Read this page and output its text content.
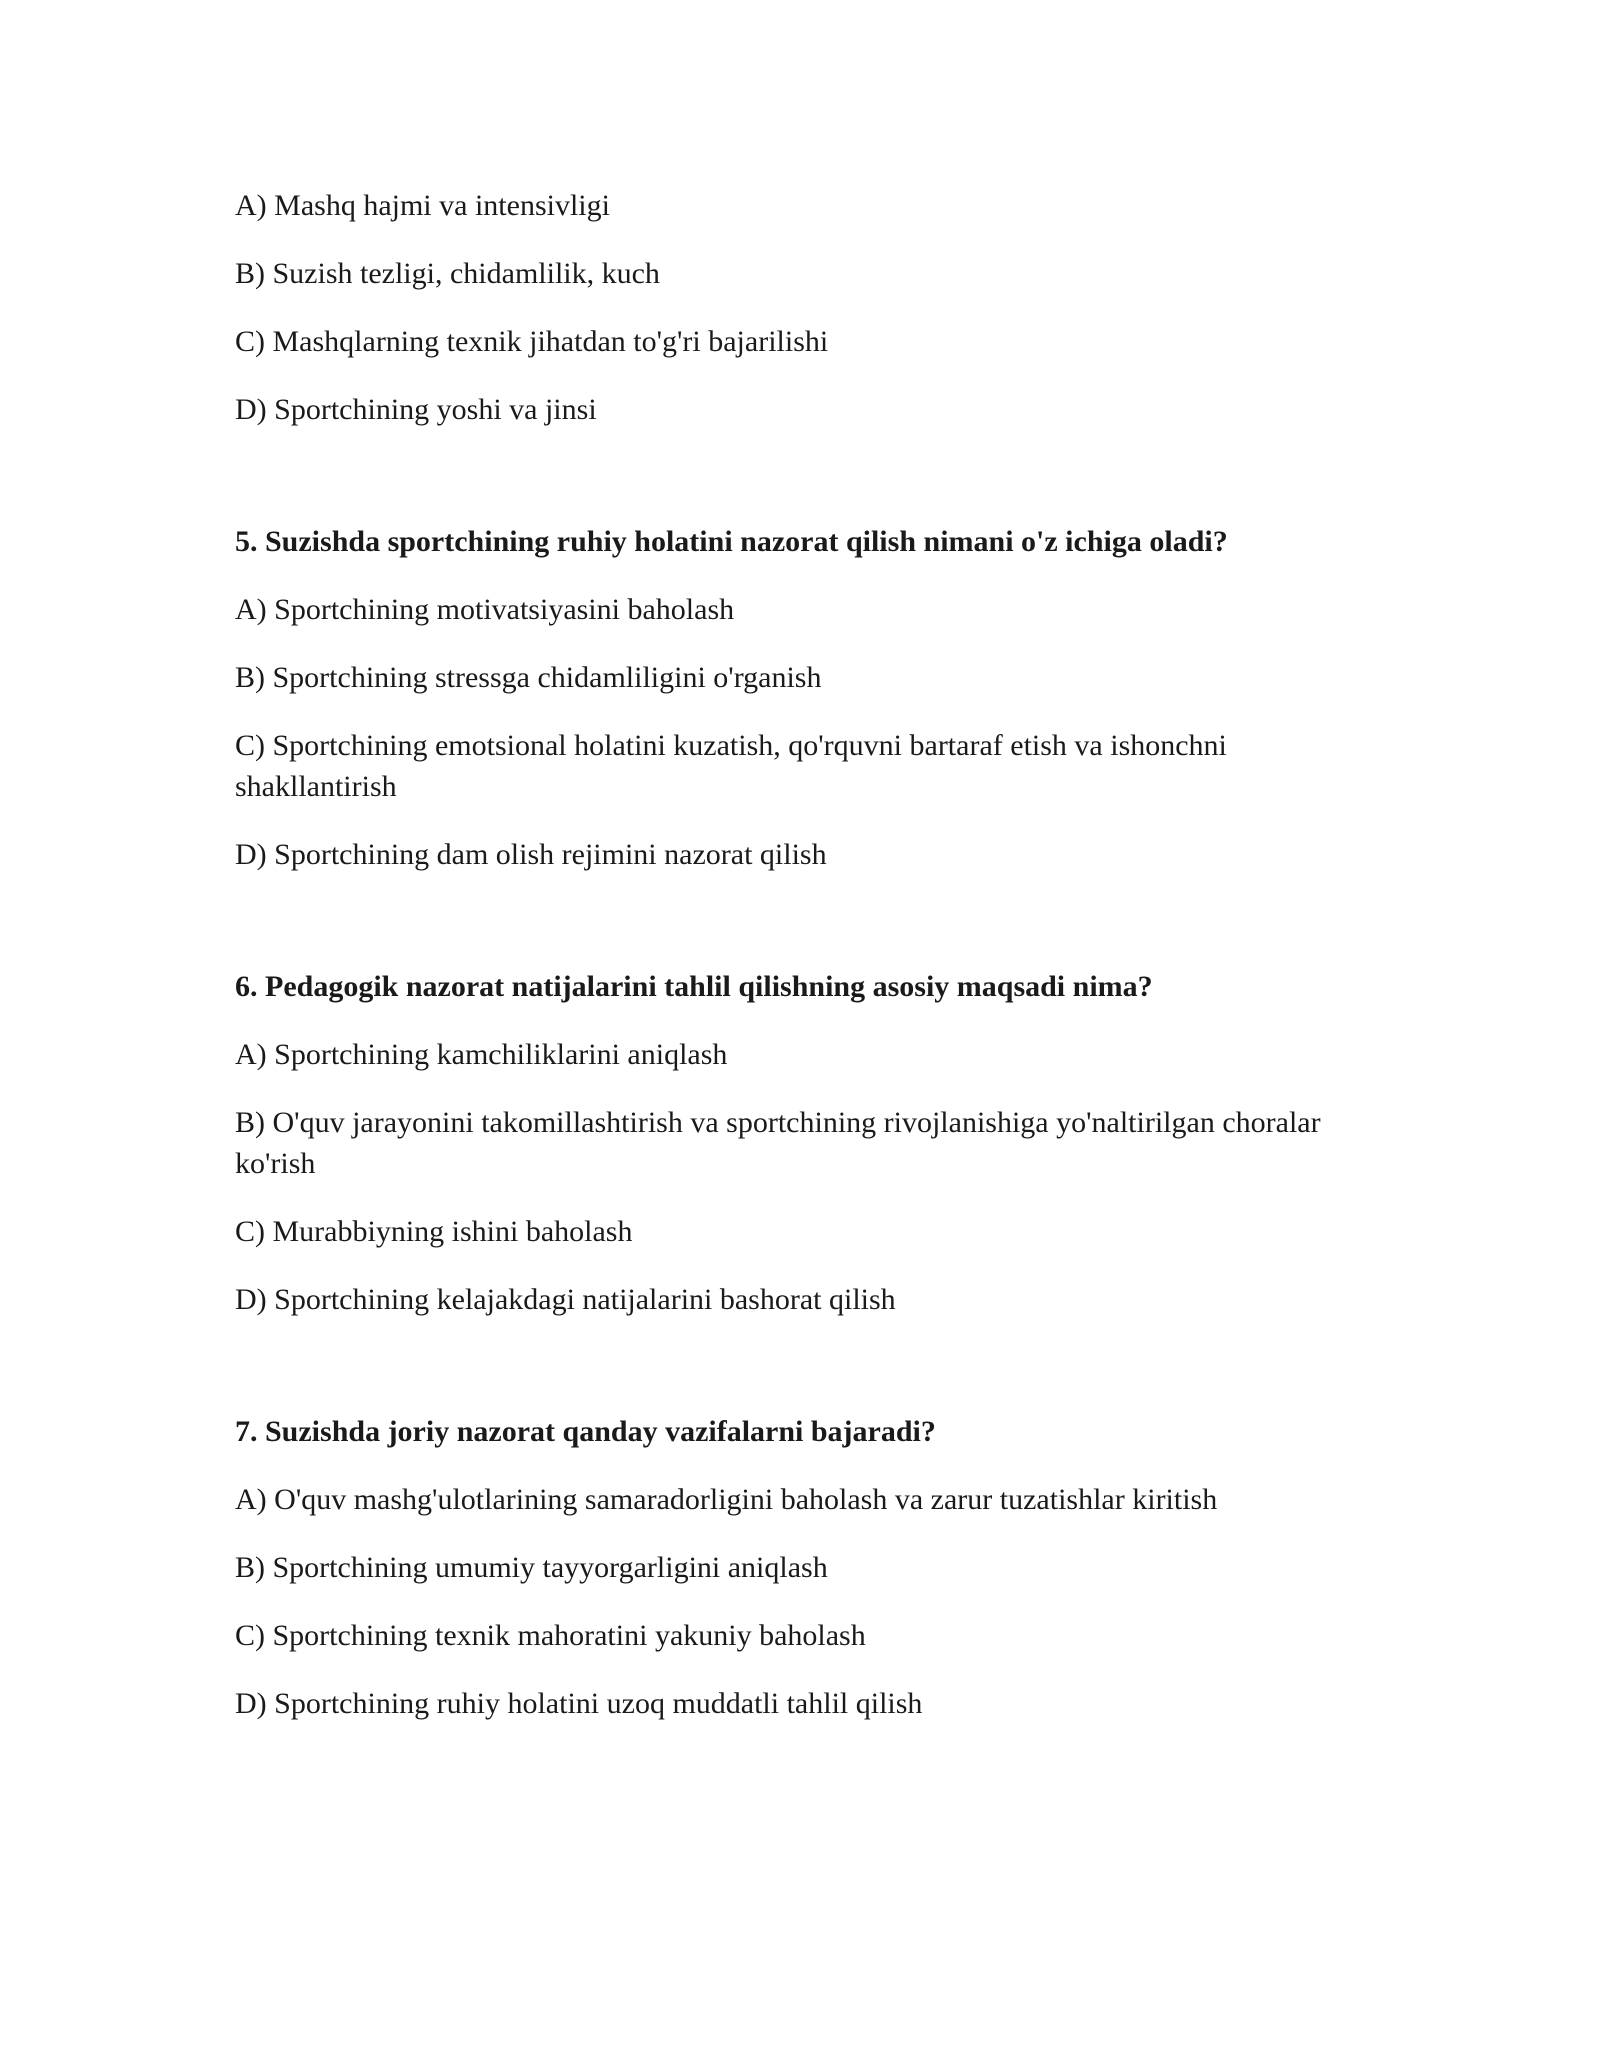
A) Mashq hajmi va intensivligi

B) Suzish tezligi, chidamlilik, kuch

C) Mashqlarning texnik jihatdan to'g'ri bajarilishi

D) Sportchining yoshi va jinsi

5. Suzishda sportchining ruhiy holatini nazorat qilish nimani o'z ichiga oladi?

A) Sportchining motivatsiyasini baholash

B) Sportchining stressga chidamliligini o'rganish

C) Sportchining emotsional holatini kuzatish, qo'rquvni bartaraf etish va ishonchni shakllantirish

D) Sportchining dam olish rejimini nazorat qilish

6. Pedagogik nazorat natijalarini tahlil qilishning asosiy maqsadi nima?

A) Sportchining kamchiliklarini aniqlash

B) O'quv jarayonini takomillashtirish va sportchining rivojlanishiga yo'naltirilgan choralar ko'rish

C) Murabbiyning ishini baholash

D) Sportchining kelajakdagi natijalarini bashorat qilish

7. Suzishda joriy nazorat qanday vazifalarni bajaradi?

A) O'quv mashg'ulotlarining samaradorligini baholash va zarur tuzatishlar kiritish

B) Sportchining umumiy tayyorgarligini aniqlash

C) Sportchining texnik mahoratini yakuniy baholash

D) Sportchining ruhiy holatini uzoq muddatli tahlil qilish
